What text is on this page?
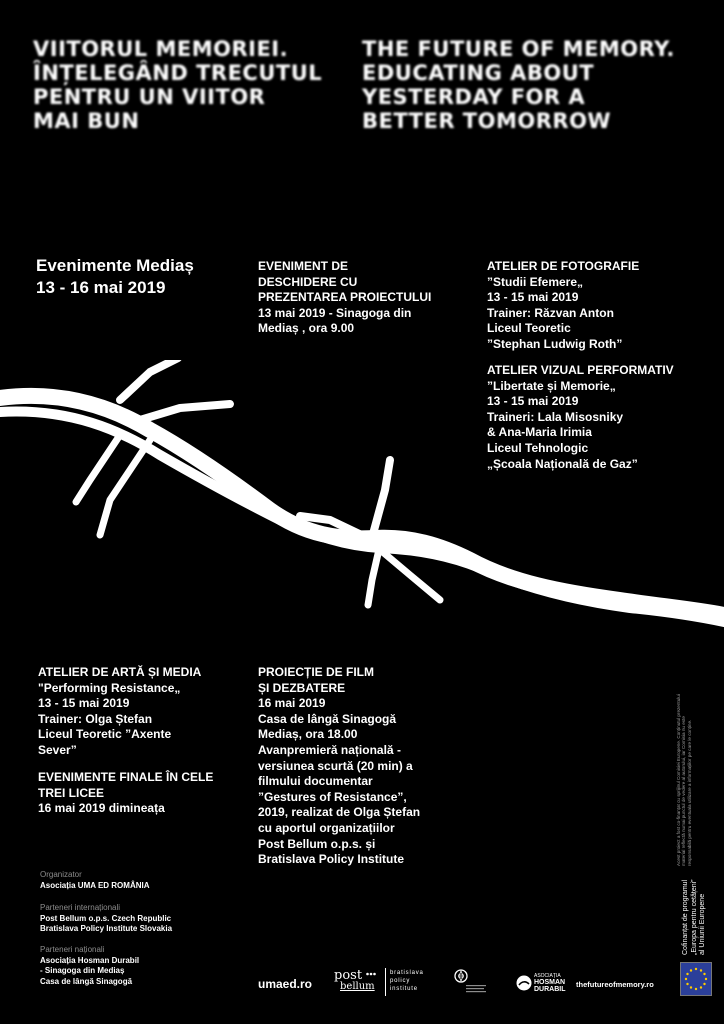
VIITORUL MEMORIEI.
ÎNȚELEGÂND TRECUTUL
PENTRU UN VIITOR
MAI BUN
THE FUTURE OF MEMORY.
EDUCATING ABOUT
YESTERDAY FOR A
BETTER TOMORROW
Evenimente Mediaș
13 - 16 mai 2019
EVENIMENT DE
DESCHIDERE CU
PREZENTAREA PROIECTULUI
13 mai 2019 - Sinagoga din
Mediaș , ora 9.00
ATELIER DE FOTOGRAFIE
”Studii Efemere„
13 - 15 mai 2019
Trainer: Răzvan Anton
Liceul Teoretic
”Stephan Ludwig Roth”
ATELIER VIZUAL PERFORMATIV
”Libertate și Memorie„
13 - 15 mai 2019
Traineri: Lala Misosniky
& Ana-Maria Irimia
Liceul Tehnologic
„Școala Națională de Gaz”
ATELIER DE ARTĂ ȘI MEDIA
"Performing Resistance„
13 - 15 mai 2019
Trainer: Olga Ștefan
Liceul Teoretic ”Axente
Sever”
EVENIMENTE FINALE ÎN CELE
TREI LICEE
16 mai 2019 dimineața
PROIECȚIE DE FILM
ȘI DEZBATERE
16 mai 2019
Casa de lângă Sinagogă
Mediaș, ora 18.00
Avanpremieră națională -
versiunea scurtă (20 min) a
filmului documentar
”Gestures of Resistance”,
2019, realizat de Olga Ștefan
cu aportul organizațiilor
Post Bellum o.p.s. și
Bratislava Policy Institute
Organizator
Asociația UMA ED ROMÂNIA
Parteneri internaționali
Post Bellum o.p.s. Czech Republic
Bratislava Policy Institute Slovakia
Parteneri naționali
Asociația Hosman Durabil
- Sinagoga din Mediaș
Casa de lângă Sinagogă	umaed.ro
post
bellum
bratislava
policy
institute
ASOCIAȚIA
HOSMAN
DURABIL
thefutureofmemory.ro
Acest proiect a fost co-finanțat cu sprijinul Comisiei Europene. Conținutul prezentului material reflectă numai punctul de vedere al autorului, iar Comisia nu este responsabilă pentru eventuala utilizare a informațiilor pe care le conține.
Cofinanțat de programul „Europa pentru cetățeni” al Uniunii Europene
